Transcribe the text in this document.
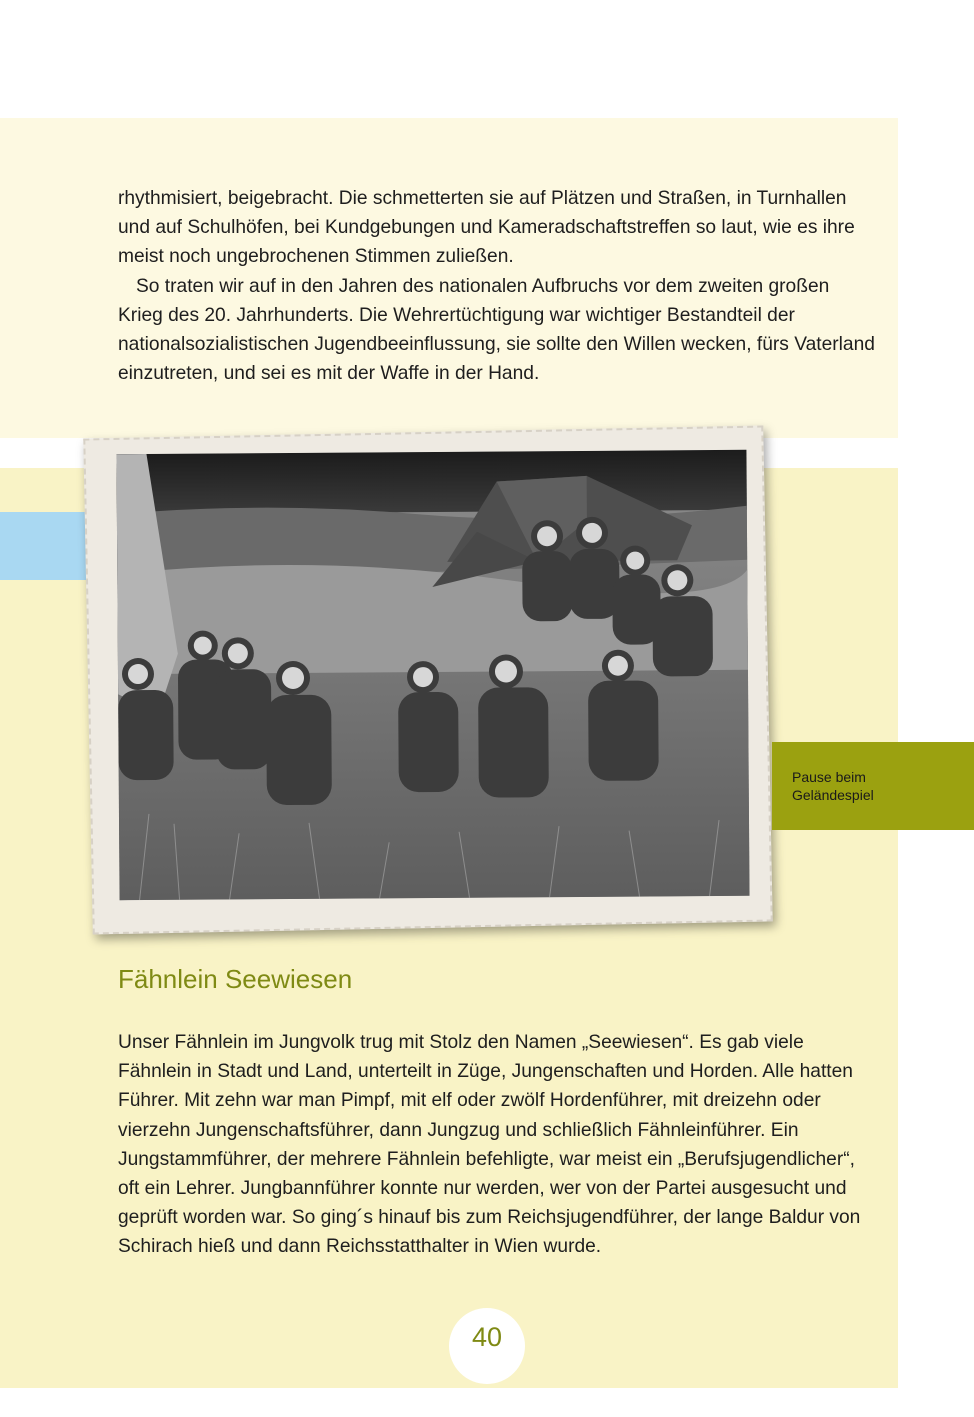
rhythmisiert, beigebracht. Die schmetterten sie auf Plätzen und Straßen, in Turnhallen und auf Schulhöfen, bei Kundgebungen und Kameradschaftstreffen so laut, wie es ihre meist noch ungebrochenen Stimmen zuließen.

So traten wir auf in den Jahren des nationalen Aufbruchs vor dem zweiten großen Krieg des 20. Jahrhunderts. Die Wehrertüchtigung war wichtiger Bestandteil der nationalsozialistischen Jugendbeeinflussung, sie sollte den Willen wecken, fürs Vaterland einzutreten, und sei es mit der Waffe in der Hand.

Pause beim
Geländespiel
Fähnlein Seewiesen

Unser Fähnlein im Jungvolk trug mit Stolz den Namen „Seewiesen“. Es gab viele Fähnlein in Stadt und Land, unterteilt in Züge, Jungenschaften und Horden. Alle hatten Führer. Mit zehn war man Pimpf, mit elf oder zwölf Hordenführer, mit dreizehn oder vierzehn Jungenschaftsführer, dann Jungzug und schließlich Fähnleinführer. Ein Jungstammführer, der mehrere Fähnlein befehligte, war meist ein „Berufsjugendlicher“, oft ein Lehrer. Jungbannführer konnte nur werden, wer von der Partei ausgesucht und geprüft worden war. So ging´s hinauf bis zum Reichsjugendführer, der lange Baldur von Schirach hieß und dann Reichsstatthalter in Wien wurde.

40
